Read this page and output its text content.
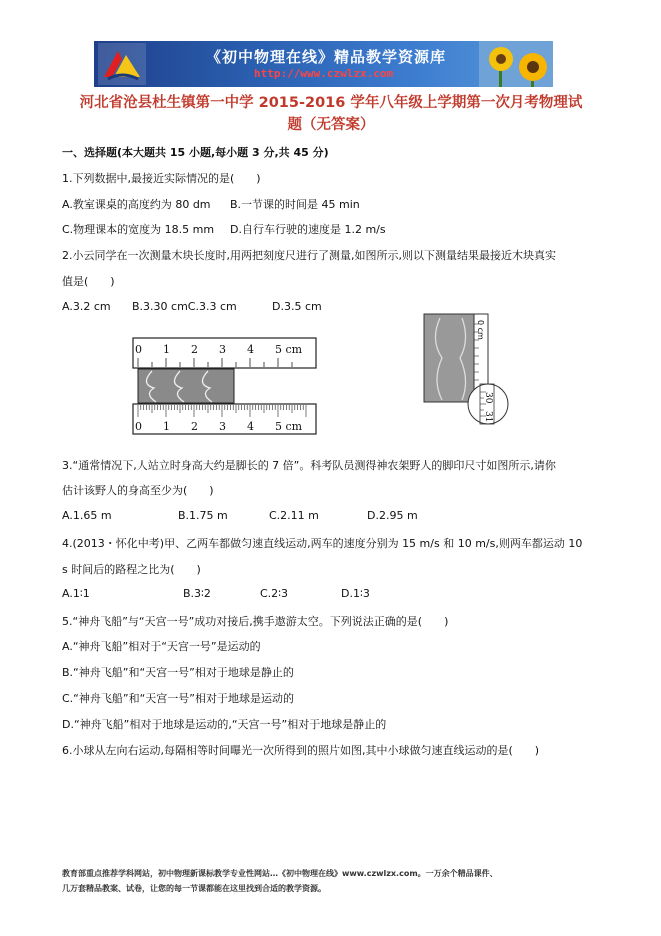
《初中物理在线》精品教学资源库
http://www.czwlzx.com
河北省沧县杜生镇第一中学 2015-2016 学年八年级上学期第一次月考物理试
题（无答案）
一、选择题(本大题共 15 小题,每小题 3 分,共 45 分)
1.下列数据中,最接近实际情况的是(　　)
A.教室课桌的高度约为 80 dm B.一节课的时间是 45 min
C.物理课本的宽度为 18.5 mm D.自行车行驶的速度是 1.2 m/s
2.小云同学在一次测量木块长度时,用两把刻度尺进行了测量,如图所示,则以下测量结果最接近木块真实
值是(　　)
A.3.2 cm B.3.30 cmC.3.3 cm	D.3.5 cm
0 1 2 3 4 5 cm
0 1 2 3 4 5 cm
0 cm
30
31
3.“通常情况下,人站立时身高大约是脚长的 7 倍”。科考队员测得神农架野人的脚印尺寸如图所示,请你
估计该野人的身高至少为(　　)
A.1.65 m	B.1.75 m	C.2.11 m	D.2.95 m
4.(2013・怀化中考)甲、乙两车都做匀速直线运动,两车的速度分别为 15 m/s 和 10 m/s,则两车都运动 10
s 时间后的路程之比为(　　)
A.1∶1	B.3∶2	C.2∶3	D.1∶3
5.“神舟飞船”与“天宫一号”成功对接后,携手遨游太空。下列说法正确的是(　　)
A.“神舟飞船”相对于“天宫一号”是运动的
B.“神舟飞船”和“天宫一号”相对于地球是静止的
C.“神舟飞船”和“天宫一号”相对于地球是运动的
D.“神舟飞船”相对于地球是运动的,“天宫一号”相对于地球是静止的
6.小球从左向右运动,每隔相等时间曝光一次所得到的照片如图,其中小球做匀速直线运动的是(　　)
教育部重点推荐学科网站，初中物理新课标教学专业性网站…《初中物理在线》www.czwlzx.com。一万余个精品课件、
几万套精品教案、试卷，让您的每一节课都能在这里找到合适的教学资源。
